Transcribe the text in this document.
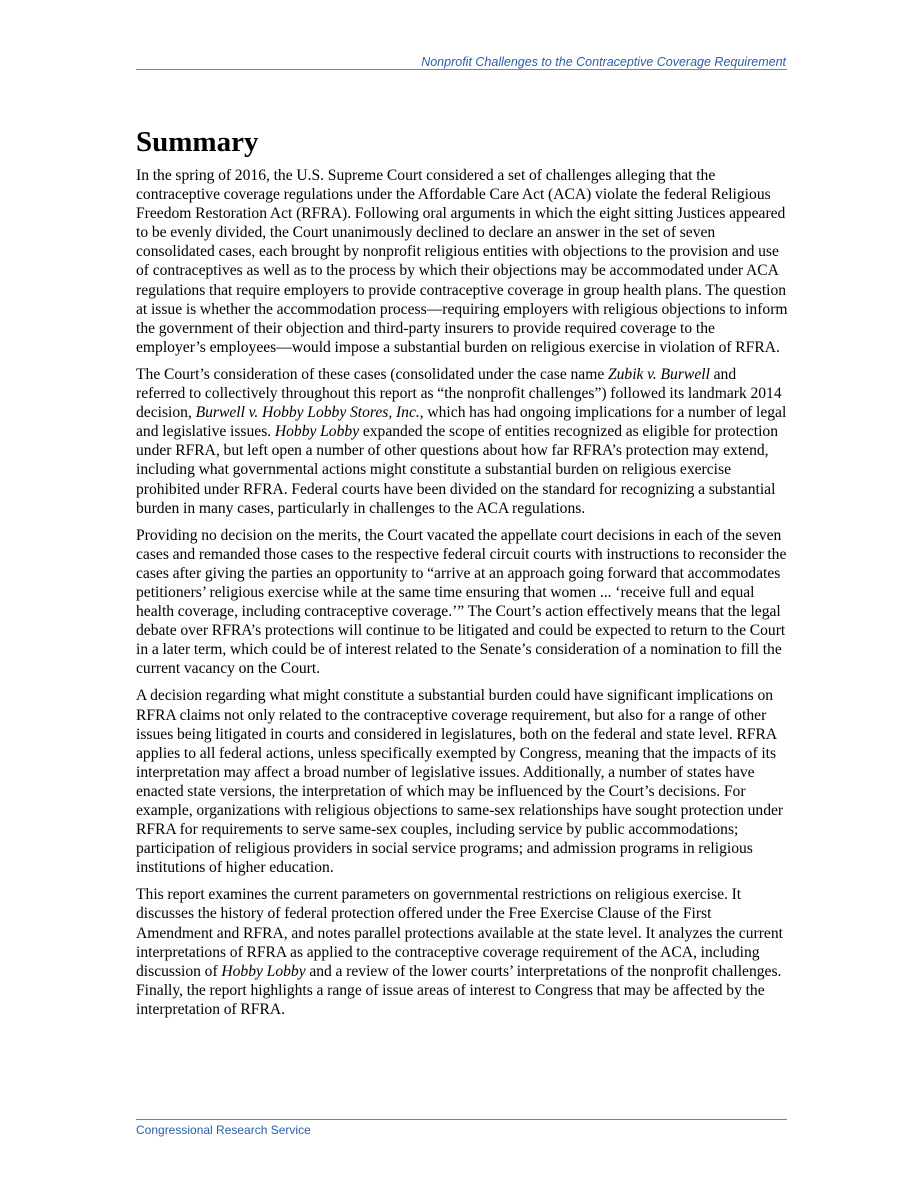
Nonprofit Challenges to the Contraceptive Coverage Requirement
Summary

In the spring of 2016, the U.S. Supreme Court considered a set of challenges alleging that the contraceptive coverage regulations under the Affordable Care Act (ACA) violate the federal Religious Freedom Restoration Act (RFRA). Following oral arguments in which the eight sitting Justices appeared to be evenly divided, the Court unanimously declined to declare an answer in the set of seven consolidated cases, each brought by nonprofit religious entities with objections to the provision and use of contraceptives as well as to the process by which their objections may be accommodated under ACA regulations that require employers to provide contraceptive coverage in group health plans. The question at issue is whether the accommodation process—requiring employers with religious objections to inform the government of their objection and third-party insurers to provide required coverage to the employer’s employees—would impose a substantial burden on religious exercise in violation of RFRA.

The Court’s consideration of these cases (consolidated under the case name Zubik v. Burwell and referred to collectively throughout this report as “the nonprofit challenges”) followed its landmark 2014 decision, Burwell v. Hobby Lobby Stores, Inc., which has had ongoing implications for a number of legal and legislative issues. Hobby Lobby expanded the scope of entities recognized as eligible for protection under RFRA, but left open a number of other questions about how far RFRA’s protection may extend, including what governmental actions might constitute a substantial burden on religious exercise prohibited under RFRA. Federal courts have been divided on the standard for recognizing a substantial burden in many cases, particularly in challenges to the ACA regulations.

Providing no decision on the merits, the Court vacated the appellate court decisions in each of the seven cases and remanded those cases to the respective federal circuit courts with instructions to reconsider the cases after giving the parties an opportunity to “arrive at an approach going forward that accommodates petitioners’ religious exercise while at the same time ensuring that women ... ‘receive full and equal health coverage, including contraceptive coverage.’” The Court’s action effectively means that the legal debate over RFRA’s protections will continue to be litigated and could be expected to return to the Court in a later term, which could be of interest related to the Senate’s consideration of a nomination to fill the current vacancy on the Court.

A decision regarding what might constitute a substantial burden could have significant implications on RFRA claims not only related to the contraceptive coverage requirement, but also for a range of other issues being litigated in courts and considered in legislatures, both on the federal and state level. RFRA applies to all federal actions, unless specifically exempted by Congress, meaning that the impacts of its interpretation may affect a broad number of legislative issues. Additionally, a number of states have enacted state versions, the interpretation of which may be influenced by the Court’s decisions. For example, organizations with religious objections to same-sex relationships have sought protection under RFRA for requirements to serve same-sex couples, including service by public accommodations; participation of religious providers in social service programs; and admission programs in religious institutions of higher education.

This report examines the current parameters on governmental restrictions on religious exercise. It discusses the history of federal protection offered under the Free Exercise Clause of the First Amendment and RFRA, and notes parallel protections available at the state level. It analyzes the current interpretations of RFRA as applied to the contraceptive coverage requirement of the ACA, including discussion of Hobby Lobby and a review of the lower courts’ interpretations of the nonprofit challenges. Finally, the report highlights a range of issue areas of interest to Congress that may be affected by the interpretation of RFRA.

Congressional Research Service
